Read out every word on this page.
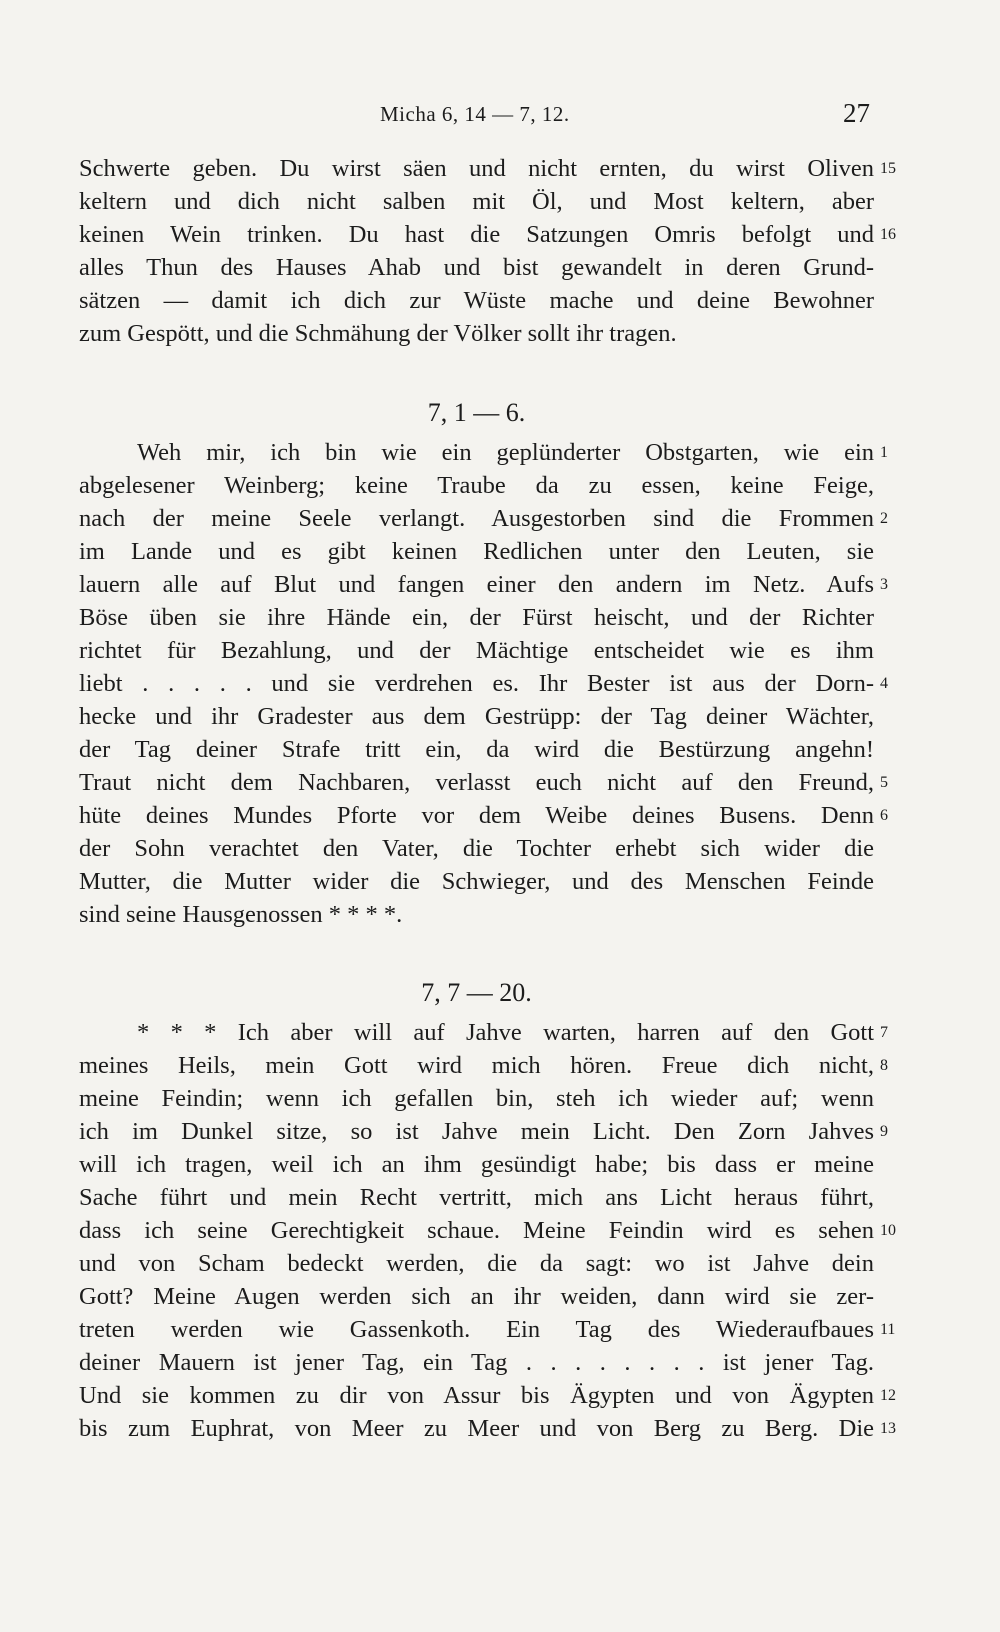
Micha 6, 14 — 7, 12.	27
Schwerte geben. Du wirst säen und nicht ernten, du wirst Oliven
keltern und dich nicht salben mit Öl, und Most keltern, aber
keinen Wein trinken. Du hast die Satzungen Omris befolgt und
alles Thun des Hauses Ahab und bist gewandelt in deren Grund-
sätzen — damit ich dich zur Wüste mache und deine Bewohner
zum Gespött, und die Schmähung der Völker sollt ihr tragen.
7, 1 — 6.
Weh mir, ich bin wie ein geplünderter Obstgarten, wie ein
abgelesener Weinberg; keine Traube da zu essen, keine Feige,
nach der meine Seele verlangt. Ausgestorben sind die Frommen
im Lande und es gibt keinen Redlichen unter den Leuten, sie
lauern alle auf Blut und fangen einer den andern im Netz. Aufs
Böse üben sie ihre Hände ein, der Fürst heischt, und der Richter
richtet für Bezahlung, und der Mächtige entscheidet wie es ihm
liebt . . . . . und sie verdrehen es. Ihr Bester ist aus der Dorn-
hecke und ihr Gradester aus dem Gestrüpp: der Tag deiner Wächter,
der Tag deiner Strafe tritt ein, da wird die Bestürzung angehn!
Traut nicht dem Nachbaren, verlasst euch nicht auf den Freund,
hüte deines Mundes Pforte vor dem Weibe deines Busens. Denn
der Sohn verachtet den Vater, die Tochter erhebt sich wider die
Mutter, die Mutter wider die Schwieger, und des Menschen Feinde
sind seine Hausgenossen * * * *.
7, 7 — 20.
* * * Ich aber will auf Jahve warten, harren auf den Gott
meines Heils, mein Gott wird mich hören. Freue dich nicht,
meine Feindin; wenn ich gefallen bin, steh ich wieder auf; wenn
ich im Dunkel sitze, so ist Jahve mein Licht. Den Zorn Jahves
will ich tragen, weil ich an ihm gesündigt habe; bis dass er meine
Sache führt und mein Recht vertritt, mich ans Licht heraus führt,
dass ich seine Gerechtigkeit schaue. Meine Feindin wird es sehen
und von Scham bedeckt werden, die da sagt: wo ist Jahve dein
Gott? Meine Augen werden sich an ihr weiden, dann wird sie zer-
treten werden wie Gassenkoth. Ein Tag des Wiederaufbaues
deiner Mauern ist jener Tag, ein Tag . . . . . . . . ist jener Tag.
Und sie kommen zu dir von Assur bis Ägypten und von Ägypten
bis zum Euphrat, von Meer zu Meer und von Berg zu Berg. Die
15
16
1
2
3
4
5
6
7
8
9
10
11
12
13
